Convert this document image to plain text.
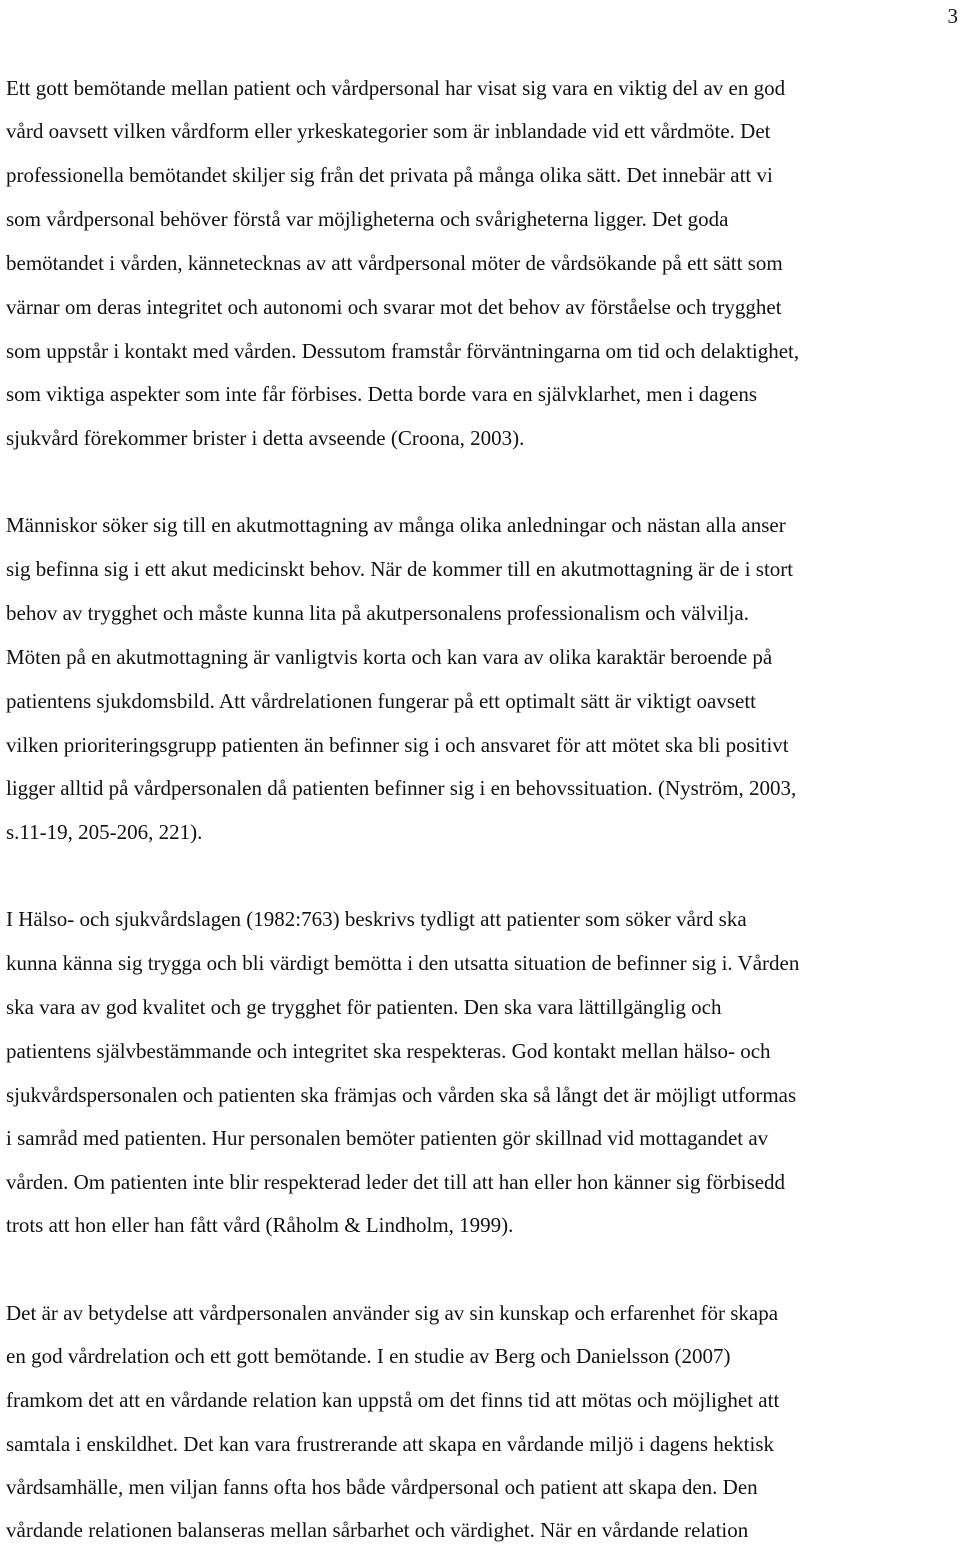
3

Ett gott bemötande mellan patient och vårdpersonal har visat sig vara en viktig del av en god

vård oavsett vilken vårdform eller yrkeskategorier som är inblandade vid ett vårdmöte. Det

professionella bemötandet skiljer sig från det privata på många olika sätt. Det innebär att vi

som vårdpersonal behöver förstå var möjligheterna och svårigheterna ligger. Det goda

bemötandet i vården, kännetecknas av att vårdpersonal möter de vårdsökande på ett sätt som

värnar om deras integritet och autonomi och svarar mot det behov av förståelse och trygghet

som uppstår i kontakt med vården. Dessutom framstår förväntningarna om tid och delaktighet,

som viktiga aspekter som inte får förbises. Detta borde vara en självklarhet, men i dagens

sjukvård förekommer brister i detta avseende (Croona, 2003).

Människor söker sig till en akutmottagning av många olika anledningar och nästan alla anser

sig befinna sig i ett akut medicinskt behov. När de kommer till en akutmottagning är de i stort

behov av trygghet och måste kunna lita på akutpersonalens professionalism och välvilja.

Möten på en akutmottagning är vanligtvis korta och kan vara av olika karaktär beroende på

patientens sjukdomsbild. Att vårdrelationen fungerar på ett optimalt sätt är viktigt oavsett

vilken prioriteringsgrupp patienten än befinner sig i och ansvaret för att mötet ska bli positivt

ligger alltid på vårdpersonalen då patienten befinner sig i en behovssituation. (Nyström, 2003,

s.11-19, 205-206, 221).

I Hälso- och sjukvårdslagen (1982:763) beskrivs tydligt att patienter som söker vård ska

kunna känna sig trygga och bli värdigt bemötta i den utsatta situation de befinner sig i. Vården

ska vara av god kvalitet och ge trygghet för patienten. Den ska vara lättillgänglig och

patientens självbestämmande och integritet ska respekteras. God kontakt mellan hälso- och

sjukvårdspersonalen och patienten ska främjas och vården ska så långt det är möjligt utformas

i samråd med patienten. Hur personalen bemöter patienten gör skillnad vid mottagandet av

vården. Om patienten inte blir respekterad leder det till att han eller hon känner sig förbisedd

trots att hon eller han fått vård (Råholm & Lindholm, 1999).

Det är av betydelse att vårdpersonalen använder sig av sin kunskap och erfarenhet för skapa

en god vårdrelation och ett gott bemötande. I en studie av Berg och Danielsson (2007)

framkom det att en vårdande relation kan uppstå om det finns tid att mötas och möjlighet att

samtala i enskildhet. Det kan vara frustrerande att skapa en vårdande miljö i dagens hektisk

vårdsamhälle, men viljan fanns ofta hos både vårdpersonal och patient att skapa den. Den

vårdande relationen balanseras mellan sårbarhet och värdighet. När en vårdande relation
